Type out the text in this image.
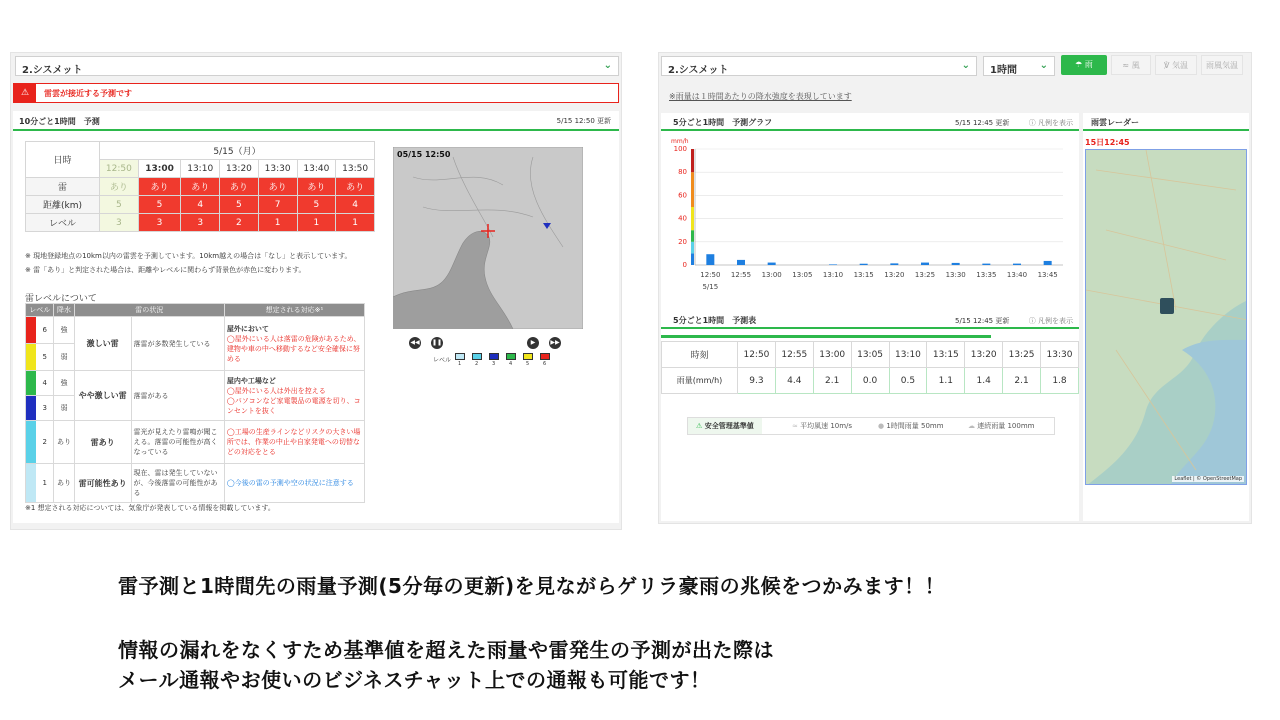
2.シスメット	⌄
⚠	雷雲が接近する予測です
10分ごと1時間　予測	5/15 12:50 更新
日時	5/15（月）						
	12:50	13:00	13:10	13:20	13:30	13:40	13:50
雷	あり	あり	あり	あり	あり	あり	あり
距離(km)	5	5	4	5	7	5	4
レベル	3	3	3	2	1	1	1
※ 現地登録地点の10km以内の雷雲を予測しています。10km越えの場合は「なし」と表示しています。
※ 雷「あり」と判定された場合は、距離やレベルに関わらず背景色が赤色に変わります。
05/15 12:50
◀◀ ❚❚	▶	▶▶
レベル 1	2	3	4	5	6
雷レベルについて
レベル	降水	雷の状況		想定される対応※¹

6	強	激しい雷	落雷が多数発生している	屋外において
◯屋外にいる人は落雷の危険があるため、建物や車の中へ移動するなど安全確保に努める

5	弱			

4	強	やや激しい雷	落雷がある	屋内や工場など
◯屋外にいる人は外出を控える
◯パソコンなど家電製品の電源を切り、コンセントを抜く

3	弱			

2	あり	雷あり	雷光が見えたり雷鳴が聞こえる。落雷の可能性が高くなっている	◯工場の生産ラインなどリスクの大きい場所では、作業の中止や自家発電への切替などの対応をとる

1	あり	雷可能性あり	現在、雷は発生していないが、今後落雷の可能性がある	◯今後の雷の予測や空の状況に注意する
※1 想定される対応については、気象庁が発表している情報を掲載しています。
2.シスメット	⌄	1時間 ⌄	☂ 雨	≈ 風	℣ 気温	雨風気温
※雨量は１時間あたりの降水強度を表現しています
5分ごと1時間　予測グラフ	5/15 12:45 更新	ⓘ 凡例を表示
mm/h
100
80
60
40
20
0
12:50 12:55 13:00 13:05 13:10 13:15 13:20 13:25 13:30 13:35 13:40 13:45
5/15
5分ごと1時間　予測表	5/15 12:45 更新	ⓘ 凡例を表示
時刻	12:50	12:55	13:00	13:05	13:10	13:15	13:20	13:25	13:30
雨量(mm/h)	9.3	4.4	2.1	0.0	0.5	1.1	1.4	2.1	1.8
⚠ 安全管理基準値	≈ 平均風速 10m/s	● 1時間雨量 50mm	☁ 連続雨量 100mm
雨雲レーダー
15日12:45
Leaflet | © OpenStreetMap
雷予測と1時間先の雨量予測(5分毎の更新)を見ながらゲリラ豪雨の兆候をつかみます！！
情報の漏れをなくすため基準値を超えた雨量や雷発生の予測が出た際は
メール通報やお使いのビジネスチャット上での通報も可能です！
